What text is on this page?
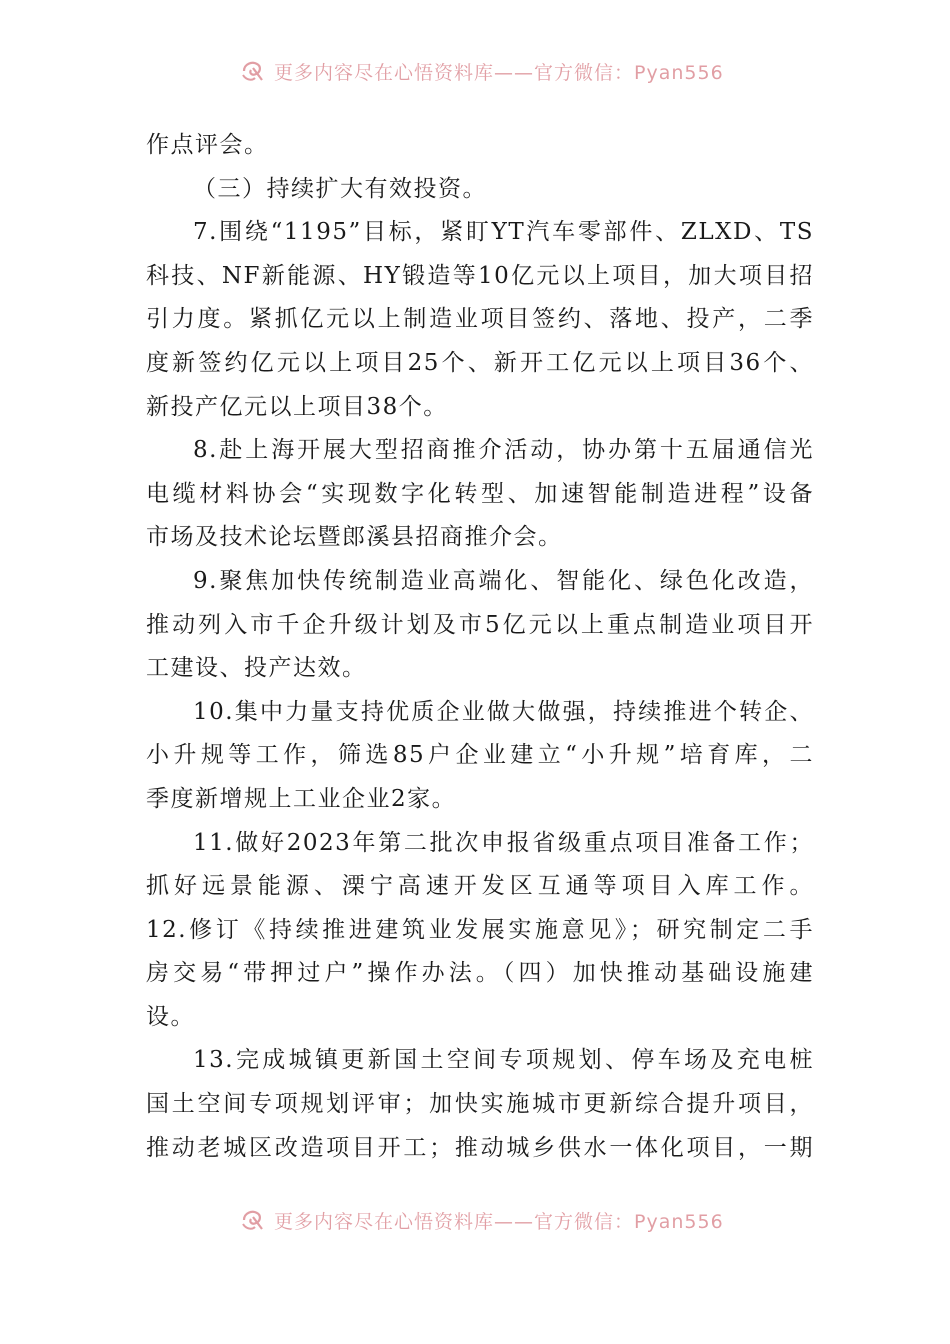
更多内容尽在心悟资料库——官方微信：Pyan556
作点评会。
（三）持续扩大有效投资。
7.围绕“1195”目标，紧盯YT汽车零部件、ZLXD、TS
科技、NF新能源、HY锻造等10亿元以上项目，加大项目招
引力度。紧抓亿元以上制造业项目签约、落地、投产，二季
度新签约亿元以上项目25个、新开工亿元以上项目36个、
新投产亿元以上项目38个。
8.赴上海开展大型招商推介活动，协办第十五届通信光
电缆材料协会“实现数字化转型、加速智能制造进程”设备
市场及技术论坛暨郎溪县招商推介会。
9.聚焦加快传统制造业高端化、智能化、绿色化改造，
推动列入市千企升级计划及市5亿元以上重点制造业项目开
工建设、投产达效。
10.集中力量支持优质企业做大做强，持续推进个转企、
小升规等工作，筛选85户企业建立“小升规”培育库，二
季度新增规上工业企业2家。
11.做好2023年第二批次申报省级重点项目准备工作；
抓好远景能源、溧宁高速开发区互通等项目入库工作。
12.修订《持续推进建筑业发展实施意见》；研究制定二手
房交易“带押过户”操作办法。（四）加快推动基础设施建
设。
13.完成城镇更新国土空间专项规划、停车场及充电桩
国土空间专项规划评审；加快实施城市更新综合提升项目，
推动老城区改造项目开工；推动城乡供水一体化项目，一期
更多内容尽在心悟资料库——官方微信：Pyan556
